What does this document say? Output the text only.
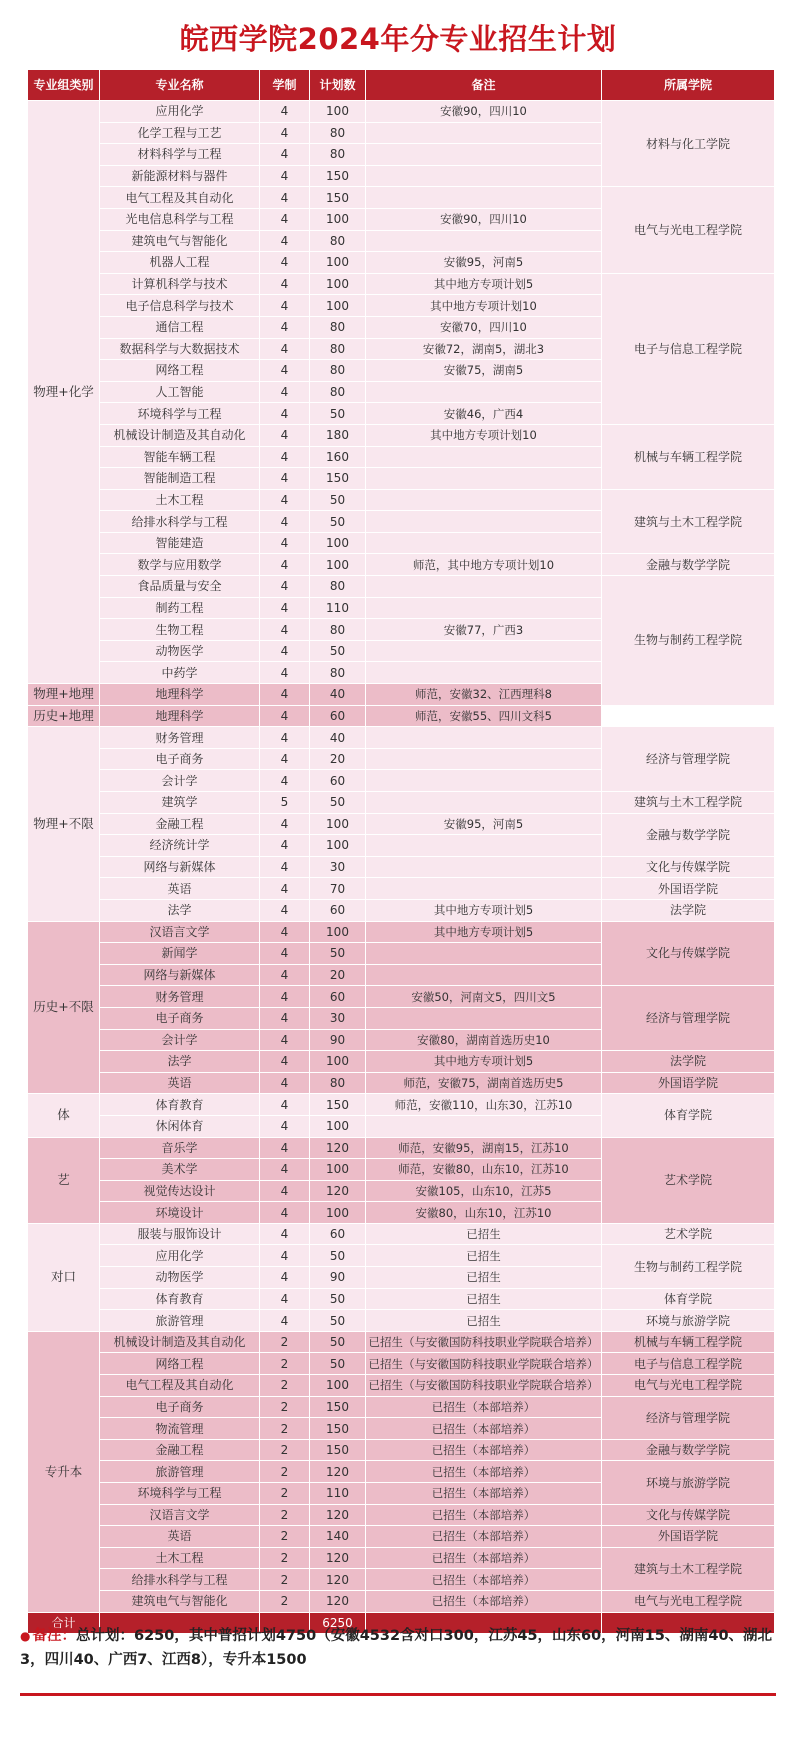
皖西学院2024年分专业招生计划
专业组类别	专业名称	学制	计划数	备注	所属学院	
物理+化学	应用化学	4	100	安徽90，四川10	材料与化工学院	
	化学工程与工艺	4	80			
	材料科学与工程	4	80			
	新能源材料与器件	4	150			
	电气工程及其自动化	4	150		电气与光电工程学院	
	光电信息科学与工程	4	100	安徽90，四川10		
	建筑电气与智能化	4	80			
	机器人工程	4	100	安徽95，河南5		
	计算机科学与技术	4	100	其中地方专项计划5	电子与信息工程学院	
	电子信息科学与技术	4	100	其中地方专项计划10		
	通信工程	4	80	安徽70，四川10		
	数据科学与大数据技术	4	80	安徽72，湖南5，湖北3		
	网络工程	4	80	安徽75，湖南5		
	人工智能	4	80			
	环境科学与工程	4	50	安徽46，广西4	
	机械设计制造及其自动化	4	180	其中地方专项计划10	机械与车辆工程学院	
	智能车辆工程	4	160			
	智能制造工程	4	150			
	土木工程	4	50		建筑与土木工程学院	
	给排水科学与工程	4	50			
	智能建造	4	100			
	数学与应用数学	4	100	师范，其中地方专项计划10	金融与数学学院	
	食品质量与安全	4	80		生物与制药工程学院	
	制药工程	4	110			
	生物工程	4	80	安徽77，广西3		
	动物医学	4	50			
	中药学	4	80			
物理+地理	地理科学	4	40	师范，安徽32、江西理科8	
历史+地理	地理科学	4	60	师范，安徽55、四川文科5		
物理+不限	财务管理	4	40		经济与管理学院	
	电子商务	4	20			
	会计学	4	60			
	建筑学	5	50		建筑与土木工程学院	
	金融工程	4	100	安徽95，河南5	金融与数学学院	
	经济统计学	4	100			
	网络与新媒体	4	30		文化与传媒学院	
	英语	4	70		外国语学院	
	法学	4	60	其中地方专项计划5	法学院	
历史+不限	汉语言文学	4	100	其中地方专项计划5	文化与传媒学院	
	新闻学	4	50			
	网络与新媒体	4	20			
	财务管理	4	60	安徽50，河南文5，四川文5	经济与管理学院	
	电子商务	4	30			
	会计学	4	90	安徽80，湖南首选历史10		
	法学	4	100	其中地方专项计划5	法学院	
	英语	4	80	师范，安徽75，湖南首选历史5	外国语学院	
体	体育教育	4	150	师范，安徽110，山东30，江苏10	体育学院	
	休闲体育	4	100			
艺	音乐学	4	120	师范，安徽95，湖南15，江苏10	艺术学院	
	美术学	4	100	师范，安徽80，山东10，江苏10		
	视觉传达设计	4	120	安徽105，山东10，江苏5		
	环境设计	4	100	安徽80，山东10，江苏10		
对口	服装与服饰设计	4	60	已招生	艺术学院	
	应用化学	4	50	已招生	生物与制药工程学院	
	动物医学	4	90	已招生		
	体育教育	4	50	已招生	体育学院	
	旅游管理	4	50	已招生	环境与旅游学院	
专升本	机械设计制造及其自动化	2	50	已招生（与安徽国防科技职业学院联合培养）	机械与车辆工程学院	
	网络工程	2	50	已招生（与安徽国防科技职业学院联合培养）	电子与信息工程学院	
	电气工程及其自动化	2	100	已招生（与安徽国防科技职业学院联合培养）	电气与光电工程学院	
	电子商务	2	150	已招生（本部培养）	经济与管理学院	
	物流管理	2	150	已招生（本部培养）		
	金融工程	2	150	已招生（本部培养）	金融与数学学院	
	旅游管理	2	120	已招生（本部培养）	环境与旅游学院	
	环境科学与工程	2	110	已招生（本部培养）		
	汉语言文学	2	120	已招生（本部培养）	文化与传媒学院	
	英语	2	140	已招生（本部培养）	外国语学院	
	土木工程	2	120	已招生（本部培养）	建筑与土木工程学院	
	给排水科学与工程	2	120	已招生（本部培养）		
	建筑电气与智能化	2	120	已招生（本部培养）	电气与光电工程学院	
合计			6250			
● 备注：总计划：6250，其中普招计划4750（安徽4532含对口300，江苏45，山东60，河南15、湖南40、湖北3，四川40、广西7、江西8），专升本1500
